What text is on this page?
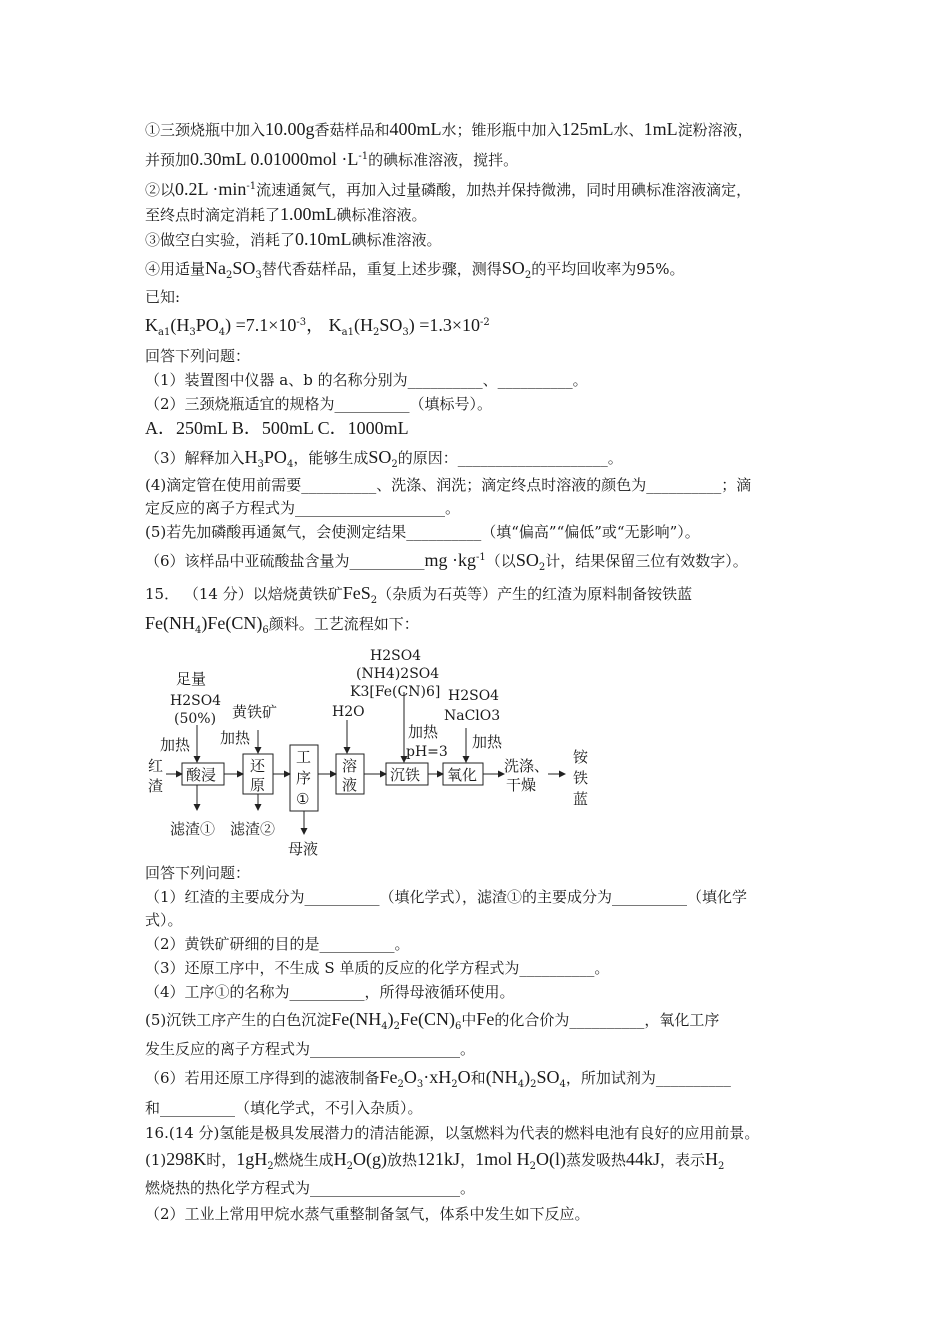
①三颈烧瓶中加入10.00g香菇样品和400mL水；锥形瓶中加入125mL水、1mL淀粉溶液，
并预加0.30mL $0.01000mol \cdot L^{-1}$的碘标准溶液，搅拌。
②以$0.2L \cdot\min^{-1}$流速通氮气，再加入过量磷酸，加热并保持微沸，同时用碘标准溶液滴定，
至终点时滴定消耗了1.00mL碘标准溶液。
③做空白实验，消耗了0.10mL碘标准溶液。
④用适量$Na_2SO_3$替代香菇样品，重复上述步骤，测得$SO_2$的平均回收率为95%。
已知:
$K_{a1}(H_3PO_4) =7.1\times 10^{-3}$， $K_{a1}(H_2SO_3) =1.3\times 10^{-2}$
回答下列问题：
（1）装置图中仪器 a、b 的名称分别为__________、__________。
（2）三颈烧瓶适宜的规格为__________（填标号）。
A．250mL B．500mL C．1000mL
（3）解释加入$H_3PO_4$，能够生成$SO_2$的原因：____________________。
(4)滴定管在使用前需要__________、洗涤、润洗；滴定终点时溶液的颜色为__________；滴
定反应的离子方程式为____________________。
(5)若先加磷酸再通氮气，会使测定结果__________（填“偏高”“偏低”或“无影响”）。
（6）该样品中亚硫酸盐含量为__________mg $\cdot kg^{-1}$（以$SO_2$计，结果保留三位有效数字）。
15． （14 分）以焙烧黄铁矿FeS$_2$（杂质为石英等）产生的红渣为原料制备铵铁蓝
$Fe(NH_4)Fe(CN)_6$颜料。工艺流程如下：
红
渣
足量
H2SO4
(50%)
加热
酸浸
滤渣①
黄铁矿
加热
还
原
滤渣②
工
序
①
母液
H2O
溶
液
H2SO4
(NH4)2SO4
K3[Fe(CN)6]
加热
pH=3
沉铁
H2SO4
NaClO3
加热
氧化 洗涤、
干燥
铵
铁
蓝
回答下列问题：
（1）红渣的主要成分为__________（填化学式），滤渣①的主要成分为__________（填化学
式）。
（2）黄铁矿研细的目的是__________。
（3）还原工序中，不生成 S 单质的反应的化学方程式为__________。
（4）工序①的名称为__________，所得母液循环使用。
(5)沉铁工序产生的白色沉淀$Fe(NH_4)_2Fe(CN)_6$中Fe的化合价为__________，氧化工序
发生反应的离子方程式为____________________。
（6）若用还原工序得到的滤液制备$Fe_2O_3\cdot xH_2O$和$(NH_4)_2SO_4$，所加试剂为__________
和__________（填化学式，不引入杂质）。
16.(14 分)氢能是极具发展潜力的清洁能源，以氢燃料为代表的燃料电池有良好的应用前景。
(1)298K时，$1gH_2$燃烧生成$H_2O(g)$放热121kJ，1mol $H_2O(l)$蒸发吸热44kJ，表示$H_2$
燃烧热的热化学方程式为____________________。
（2）工业上常用甲烷水蒸气重整制备氢气，体系中发生如下反应。
